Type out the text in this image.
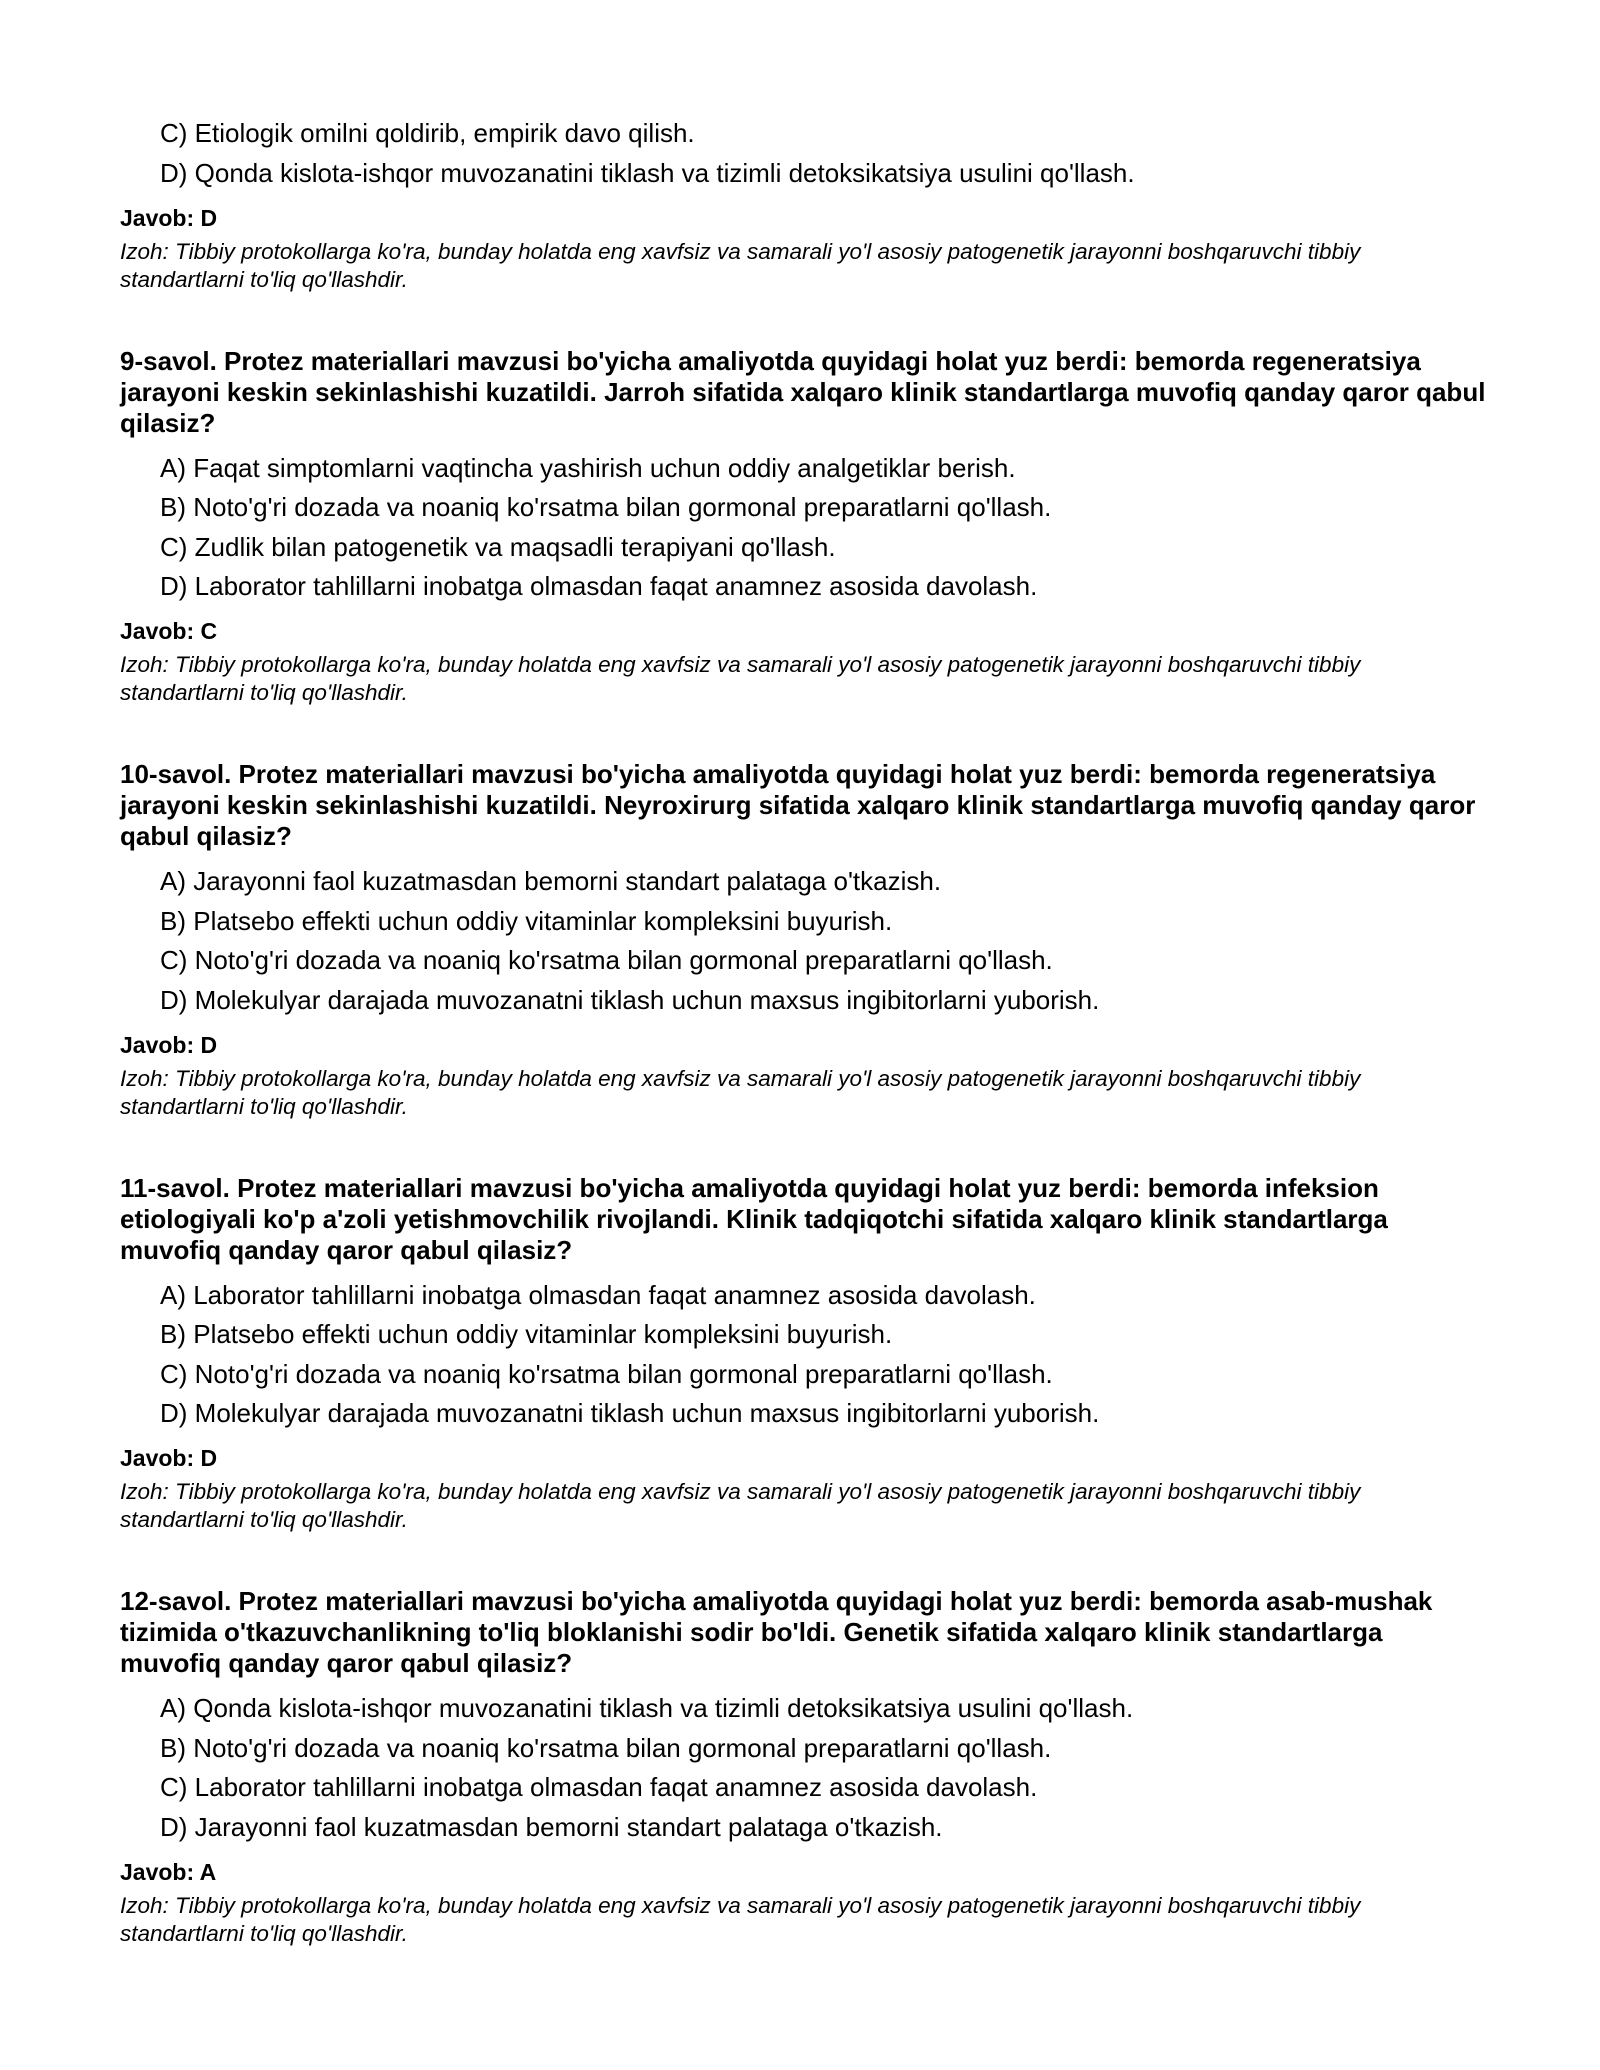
C) Etiologik omilni qoldirib, empirik davo qilish.
D) Qonda kislota-ishqor muvozanatini tiklash va tizimli detoksikatsiya usulini qo'llash.
Javob: D
Izoh: Tibbiy protokollarga ko'ra, bunday holatda eng xavfsiz va samarali yo'l asosiy patogenetik jarayonni boshqaruvchi tibbiy standartlarni to'liq qo'llashdir.
9-savol. Protez materiallari mavzusi bo'yicha amaliyotda quyidagi holat yuz berdi: bemorda regeneratsiya jarayoni keskin sekinlashishi kuzatildi. Jarroh sifatida xalqaro klinik standartlarga muvofiq qanday qaror qabul qilasiz?
A) Faqat simptomlarni vaqtincha yashirish uchun oddiy analgetiklar berish.
B) Noto'g'ri dozada va noaniq ko'rsatma bilan gormonal preparatlarni qo'llash.
C) Zudlik bilan patogenetik va maqsadli terapiyani qo'llash.
D) Laborator tahlillarni inobatga olmasdan faqat anamnez asosida davolash.
Javob: C
Izoh: Tibbiy protokollarga ko'ra, bunday holatda eng xavfsiz va samarali yo'l asosiy patogenetik jarayonni boshqaruvchi tibbiy standartlarni to'liq qo'llashdir.
10-savol. Protez materiallari mavzusi bo'yicha amaliyotda quyidagi holat yuz berdi: bemorda regeneratsiya jarayoni keskin sekinlashishi kuzatildi. Neyroxirurg sifatida xalqaro klinik standartlarga muvofiq qanday qaror qabul qilasiz?
A) Jarayonni faol kuzatmasdan bemorni standart palataga o'tkazish.
B) Platsebo effekti uchun oddiy vitaminlar kompleksini buyurish.
C) Noto'g'ri dozada va noaniq ko'rsatma bilan gormonal preparatlarni qo'llash.
D) Molekulyar darajada muvozanatni tiklash uchun maxsus ingibitorlarni yuborish.
Javob: D
Izoh: Tibbiy protokollarga ko'ra, bunday holatda eng xavfsiz va samarali yo'l asosiy patogenetik jarayonni boshqaruvchi tibbiy standartlarni to'liq qo'llashdir.
11-savol. Protez materiallari mavzusi bo'yicha amaliyotda quyidagi holat yuz berdi: bemorda infeksion etiologiyali ko'p a'zoli yetishmovchilik rivojlandi. Klinik tadqiqotchi sifatida xalqaro klinik standartlarga muvofiq qanday qaror qabul qilasiz?
A) Laborator tahlillarni inobatga olmasdan faqat anamnez asosida davolash.
B) Platsebo effekti uchun oddiy vitaminlar kompleksini buyurish.
C) Noto'g'ri dozada va noaniq ko'rsatma bilan gormonal preparatlarni qo'llash.
D) Molekulyar darajada muvozanatni tiklash uchun maxsus ingibitorlarni yuborish.
Javob: D
Izoh: Tibbiy protokollarga ko'ra, bunday holatda eng xavfsiz va samarali yo'l asosiy patogenetik jarayonni boshqaruvchi tibbiy standartlarni to'liq qo'llashdir.
12-savol. Protez materiallari mavzusi bo'yicha amaliyotda quyidagi holat yuz berdi: bemorda asab-mushak tizimida o'tkazuvchanlikning to'liq bloklanishi sodir bo'ldi. Genetik sifatida xalqaro klinik standartlarga muvofiq qanday qaror qabul qilasiz?
A) Qonda kislota-ishqor muvozanatini tiklash va tizimli detoksikatsiya usulini qo'llash.
B) Noto'g'ri dozada va noaniq ko'rsatma bilan gormonal preparatlarni qo'llash.
C) Laborator tahlillarni inobatga olmasdan faqat anamnez asosida davolash.
D) Jarayonni faol kuzatmasdan bemorni standart palataga o'tkazish.
Javob: A
Izoh: Tibbiy protokollarga ko'ra, bunday holatda eng xavfsiz va samarali yo'l asosiy patogenetik jarayonni boshqaruvchi tibbiy standartlarni to'liq qo'llashdir.
